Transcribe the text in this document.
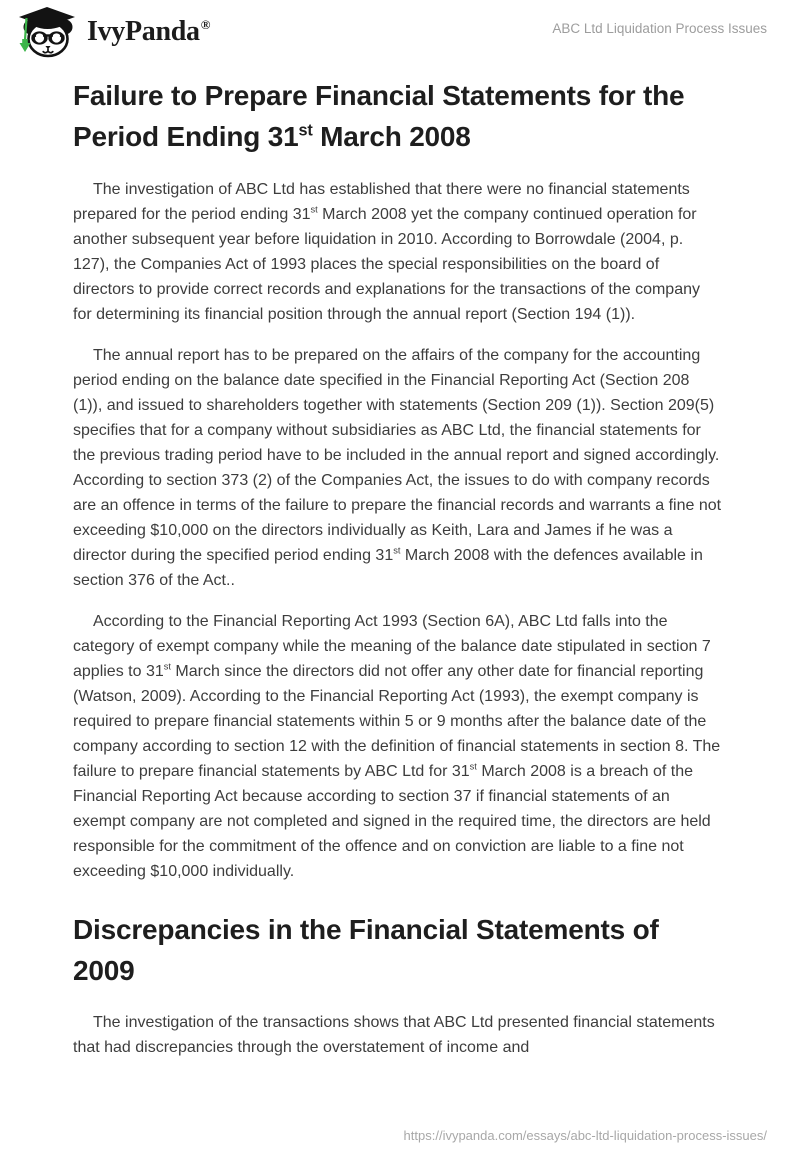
IvyPanda®	ABC Ltd Liquidation Process Issues
Failure to Prepare Financial Statements for the Period Ending 31st March 2008

The investigation of ABC Ltd has established that there were no financial statements prepared for the period ending 31st March 2008 yet the company continued operation for another subsequent year before liquidation in 2010. According to Borrowdale (2004, p. 127), the Companies Act of 1993 places the special responsibilities on the board of directors to provide correct records and explanations for the transactions of the company for determining its financial position through the annual report (Section 194 (1)).

The annual report has to be prepared on the affairs of the company for the accounting period ending on the balance date specified in the Financial Reporting Act (Section 208 (1)), and issued to shareholders together with statements (Section 209 (1)). Section 209(5) specifies that for a company without subsidiaries as ABC Ltd, the financial statements for the previous trading period have to be included in the annual report and signed accordingly. According to section 373 (2) of the Companies Act, the issues to do with company records are an offence in terms of the failure to prepare the financial records and warrants a fine not exceeding $10,000 on the directors individually as Keith, Lara and James if he was a director during the specified period ending 31st March 2008 with the defences available in section 376 of the Act..

According to the Financial Reporting Act 1993 (Section 6A), ABC Ltd falls into the category of exempt company while the meaning of the balance date stipulated in section 7 applies to 31st March since the directors did not offer any other date for financial reporting (Watson, 2009). According to the Financial Reporting Act (1993), the exempt company is required to prepare financial statements within 5 or 9 months after the balance date of the company according to section 12 with the definition of financial statements in section 8. The failure to prepare financial statements by ABC Ltd for 31st March 2008 is a breach of the Financial Reporting Act because according to section 37 if financial statements of an exempt company are not completed and signed in the required time, the directors are held responsible for the commitment of the offence and on conviction are liable to a fine not exceeding $10,000 individually.

Discrepancies in the Financial Statements of 2009

The investigation of the transactions shows that ABC Ltd presented financial statements that had discrepancies through the overstatement of income and

https://ivypanda.com/essays/abc-ltd-liquidation-process-issues/
